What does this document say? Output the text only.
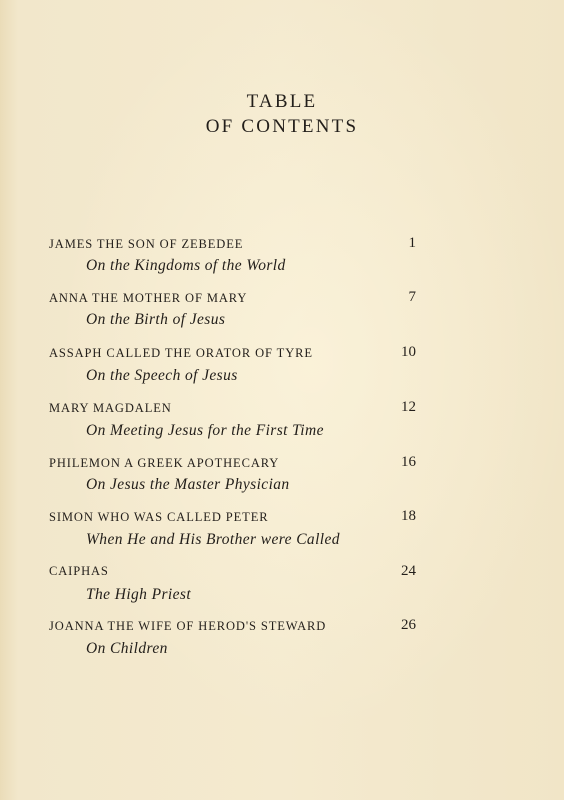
TABLE
OF CONTENTS
JAMES THE SON OF ZEBEDEE	1
On the Kingdoms of the World
ANNA THE MOTHER OF MARY	7
On the Birth of Jesus
ASSAPH CALLED THE ORATOR OF TYRE	10
On the Speech of Jesus
MARY MAGDALEN	12
On Meeting Jesus for the First Time
PHILEMON A GREEK APOTHECARY	16
On Jesus the Master Physician
SIMON WHO WAS CALLED PETER	18
When He and His Brother were Called
CAIPHAS	24
The High Priest
JOANNA THE WIFE OF HEROD'S STEWARD	26
On Children
